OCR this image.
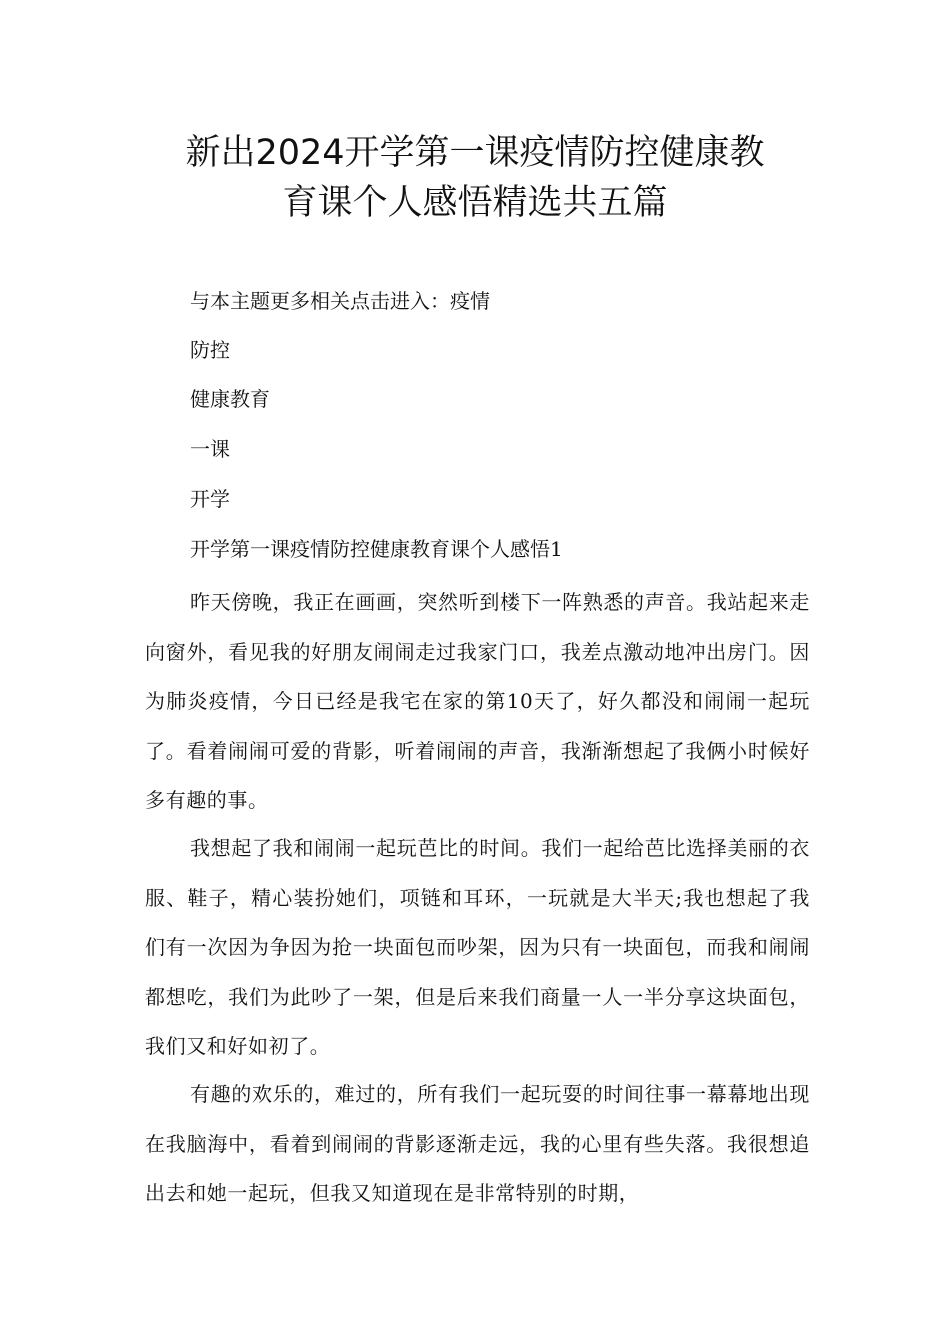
新出2024开学第一课疫情防控健康教
育课个人感悟精选共五篇

与本主题更多相关点击进入：疫情

防控

健康教育

一课

开学

开学第一课疫情防控健康教育课个人感悟1

昨天傍晚，我正在画画，突然听到楼下一阵熟悉的声音。我站起来走向窗外，看见我的好朋友闹闹走过我家门口，我差点激动地冲出房门。因为肺炎疫情，今日已经是我宅在家的第10天了，好久都没和闹闹一起玩了。看着闹闹可爱的背影，听着闹闹的声音，我渐渐想起了我俩小时候好多有趣的事。

我想起了我和闹闹一起玩芭比的时间。我们一起给芭比选择美丽的衣服、鞋子，精心装扮她们，项链和耳环，一玩就是大半天;我也想起了我们有一次因为争因为抢一块面包而吵架，因为只有一块面包，而我和闹闹都想吃，我们为此吵了一架，但是后来我们商量一人一半分享这块面包，我们又和好如初了。

有趣的欢乐的，难过的，所有我们一起玩耍的时间往事一幕幕地出现在我脑海中，看着到闹闹的背影逐渐走远，我的心里有些失落。我很想追出去和她一起玩，但我又知道现在是非常特别的时期，
